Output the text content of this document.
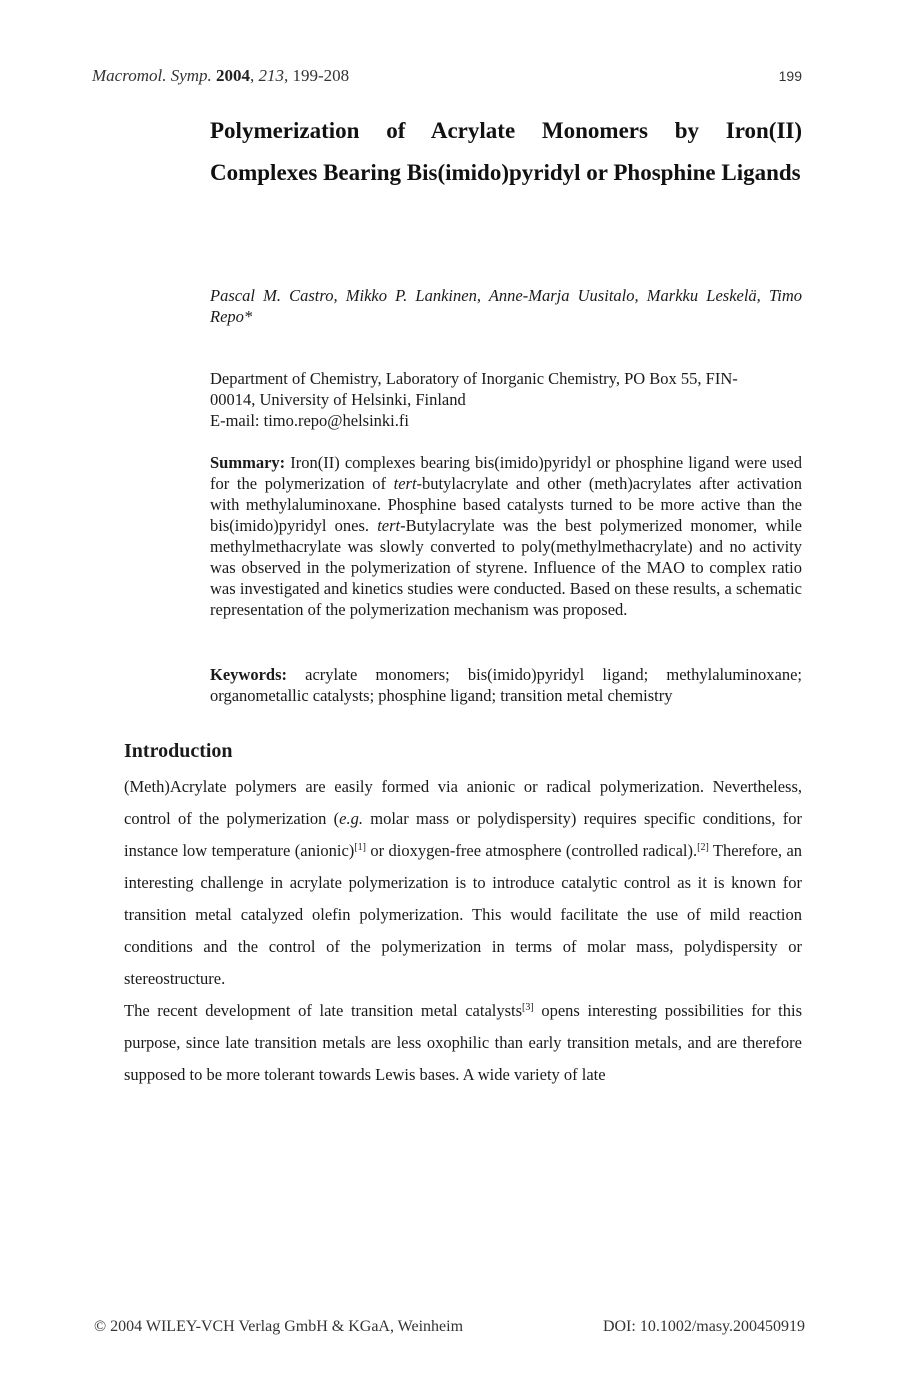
Macromol. Symp. 2004, 213, 199-208	199
Polymerization of Acrylate Monomers by Iron(II) Complexes Bearing Bis(imido)pyridyl or Phosphine Ligands
Pascal M. Castro, Mikko P. Lankinen, Anne-Marja Uusitalo, Markku Leskelä, Timo Repo*
Department of Chemistry, Laboratory of Inorganic Chemistry, PO Box 55, FIN-
00014, University of Helsinki, Finland
E-mail: timo.repo@helsinki.fi
Summary: Iron(II) complexes bearing bis(imido)pyridyl or phosphine ligand were used for the polymerization of tert-butylacrylate and other (meth)acrylates after activation with methylaluminoxane. Phosphine based catalysts turned to be more active than the bis(imido)pyridyl ones. tert-Butylacrylate was the best polymerized monomer, while methylmethacrylate was slowly converted to poly(methylmethacrylate) and no activity was observed in the polymerization of styrene. Influence of the MAO to complex ratio was investigated and kinetics studies were conducted. Based on these results, a schematic representation of the polymerization mechanism was proposed.
Keywords: acrylate monomers; bis(imido)pyridyl ligand; methylaluminoxane; organometallic catalysts; phosphine ligand; transition metal chemistry
Introduction

(Meth)Acrylate polymers are easily formed via anionic or radical polymerization. Nevertheless, control of the polymerization (e.g. molar mass or polydispersity) requires specific conditions, for instance low temperature (anionic)[1] or dioxygen-free atmosphere (controlled radical).[2] Therefore, an interesting challenge in acrylate polymerization is to introduce catalytic control as it is known for transition metal catalyzed olefin polymerization. This would facilitate the use of mild reaction conditions and the control of the polymerization in terms of molar mass, polydispersity or stereostructure.

The recent development of late transition metal catalysts[3] opens interesting possibilities for this purpose, since late transition metals are less oxophilic than early transition metals, and are therefore supposed to be more tolerant towards Lewis bases. A wide variety of late

© 2004 WILEY-VCH Verlag GmbH & KGaA, Weinheim	DOI: 10.1002/masy.200450919
